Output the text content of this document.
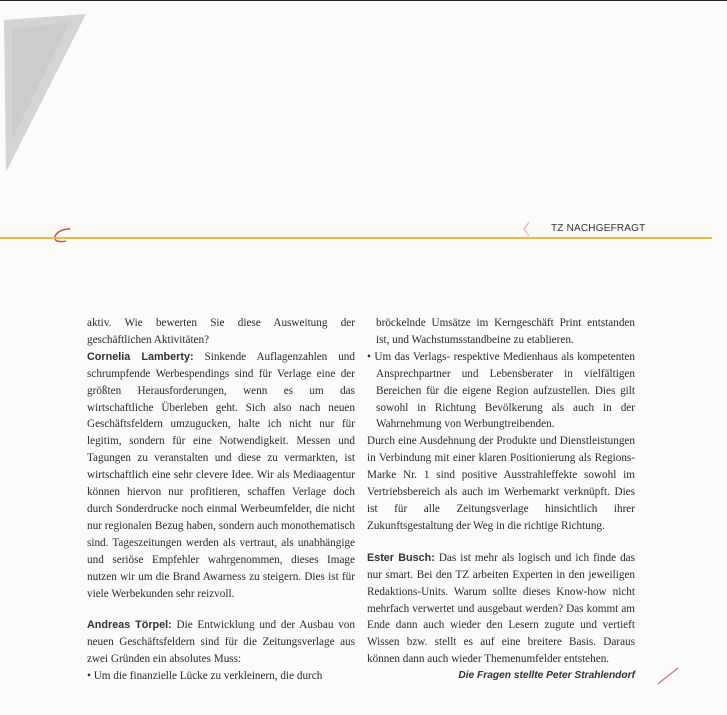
TZ NACHGEFRAGT

aktiv. Wie bewerten Sie diese Ausweitung der geschäftlichen Aktivitäten?

Cornelia Lamberty: Sinkende Auflagenzahlen und schrumpfende Werbespendings sind für Verlage eine der größten Herausforderungen, wenn es um das wirtschaftliche Überleben geht. Sich also nach neuen Geschäftsfeldern umzugucken, halte ich nicht nur für legitim, sondern für eine Notwendigkeit. Messen und Tagungen zu veranstalten und diese zu vermarkten, ist wirtschaftlich eine sehr clevere Idee. Wir als Mediaagentur können hiervon nur profitieren, schaffen Verlage doch durch Sonderdrucke noch einmal Werbeumfelder, die nicht nur regionalen Bezug haben, sondern auch monothematisch sind. Tageszeitungen werden als vertraut, als unabhängige und seriöse Empfehler wahrgenommen, dieses Image nutzen wir um die Brand Awarness zu steigern. Dies ist für viele Werbekunden sehr reizvoll.

Andreas Törpel: Die Entwicklung und der Ausbau von neuen Geschäftsfeldern sind für die Zeitungsverlage aus zwei Gründen ein absolutes Muss:

• Um die finanzielle Lücke zu verkleinern, die durch

bröckelnde Umsätze im Kerngeschäft Print entstanden ist, und Wachstumsstandbeine zu etablieren.

• Um das Verlags- respektive Medienhaus als kompetenten Ansprechpartner und Lebensberater in vielfältigen Bereichen für die eigene Region aufzustellen. Dies gilt sowohl in Richtung Bevölkerung als auch in der Wahrnehmung von Werbungtreibenden.

Durch eine Ausdehnung der Produkte und Dienstleistungen in Verbindung mit einer klaren Positionierung als Regions-Marke Nr. 1 sind positive Ausstrahleffekte sowohl im Vertriebsbereich als auch im Werbemarkt verknüpft. Dies ist für alle Zeitungsverlage hinsichtlich ihrer Zukunftsgestaltung der Weg in die richtige Richtung.

Ester Busch: Das ist mehr als logisch und ich finde das nur smart. Bei den TZ arbeiten Experten in den jeweiligen Redaktions-Units. Warum sollte dieses Know-how nicht mehrfach verwertet und ausgebaut werden? Das kommt am Ende dann auch wieder den Lesern zugute und vertieft Wissen bzw. stellt es auf eine breitere Basis. Daraus können dann auch wieder Themenumfelder entstehen.

Die Fragen stellte Peter Strahlendorf
